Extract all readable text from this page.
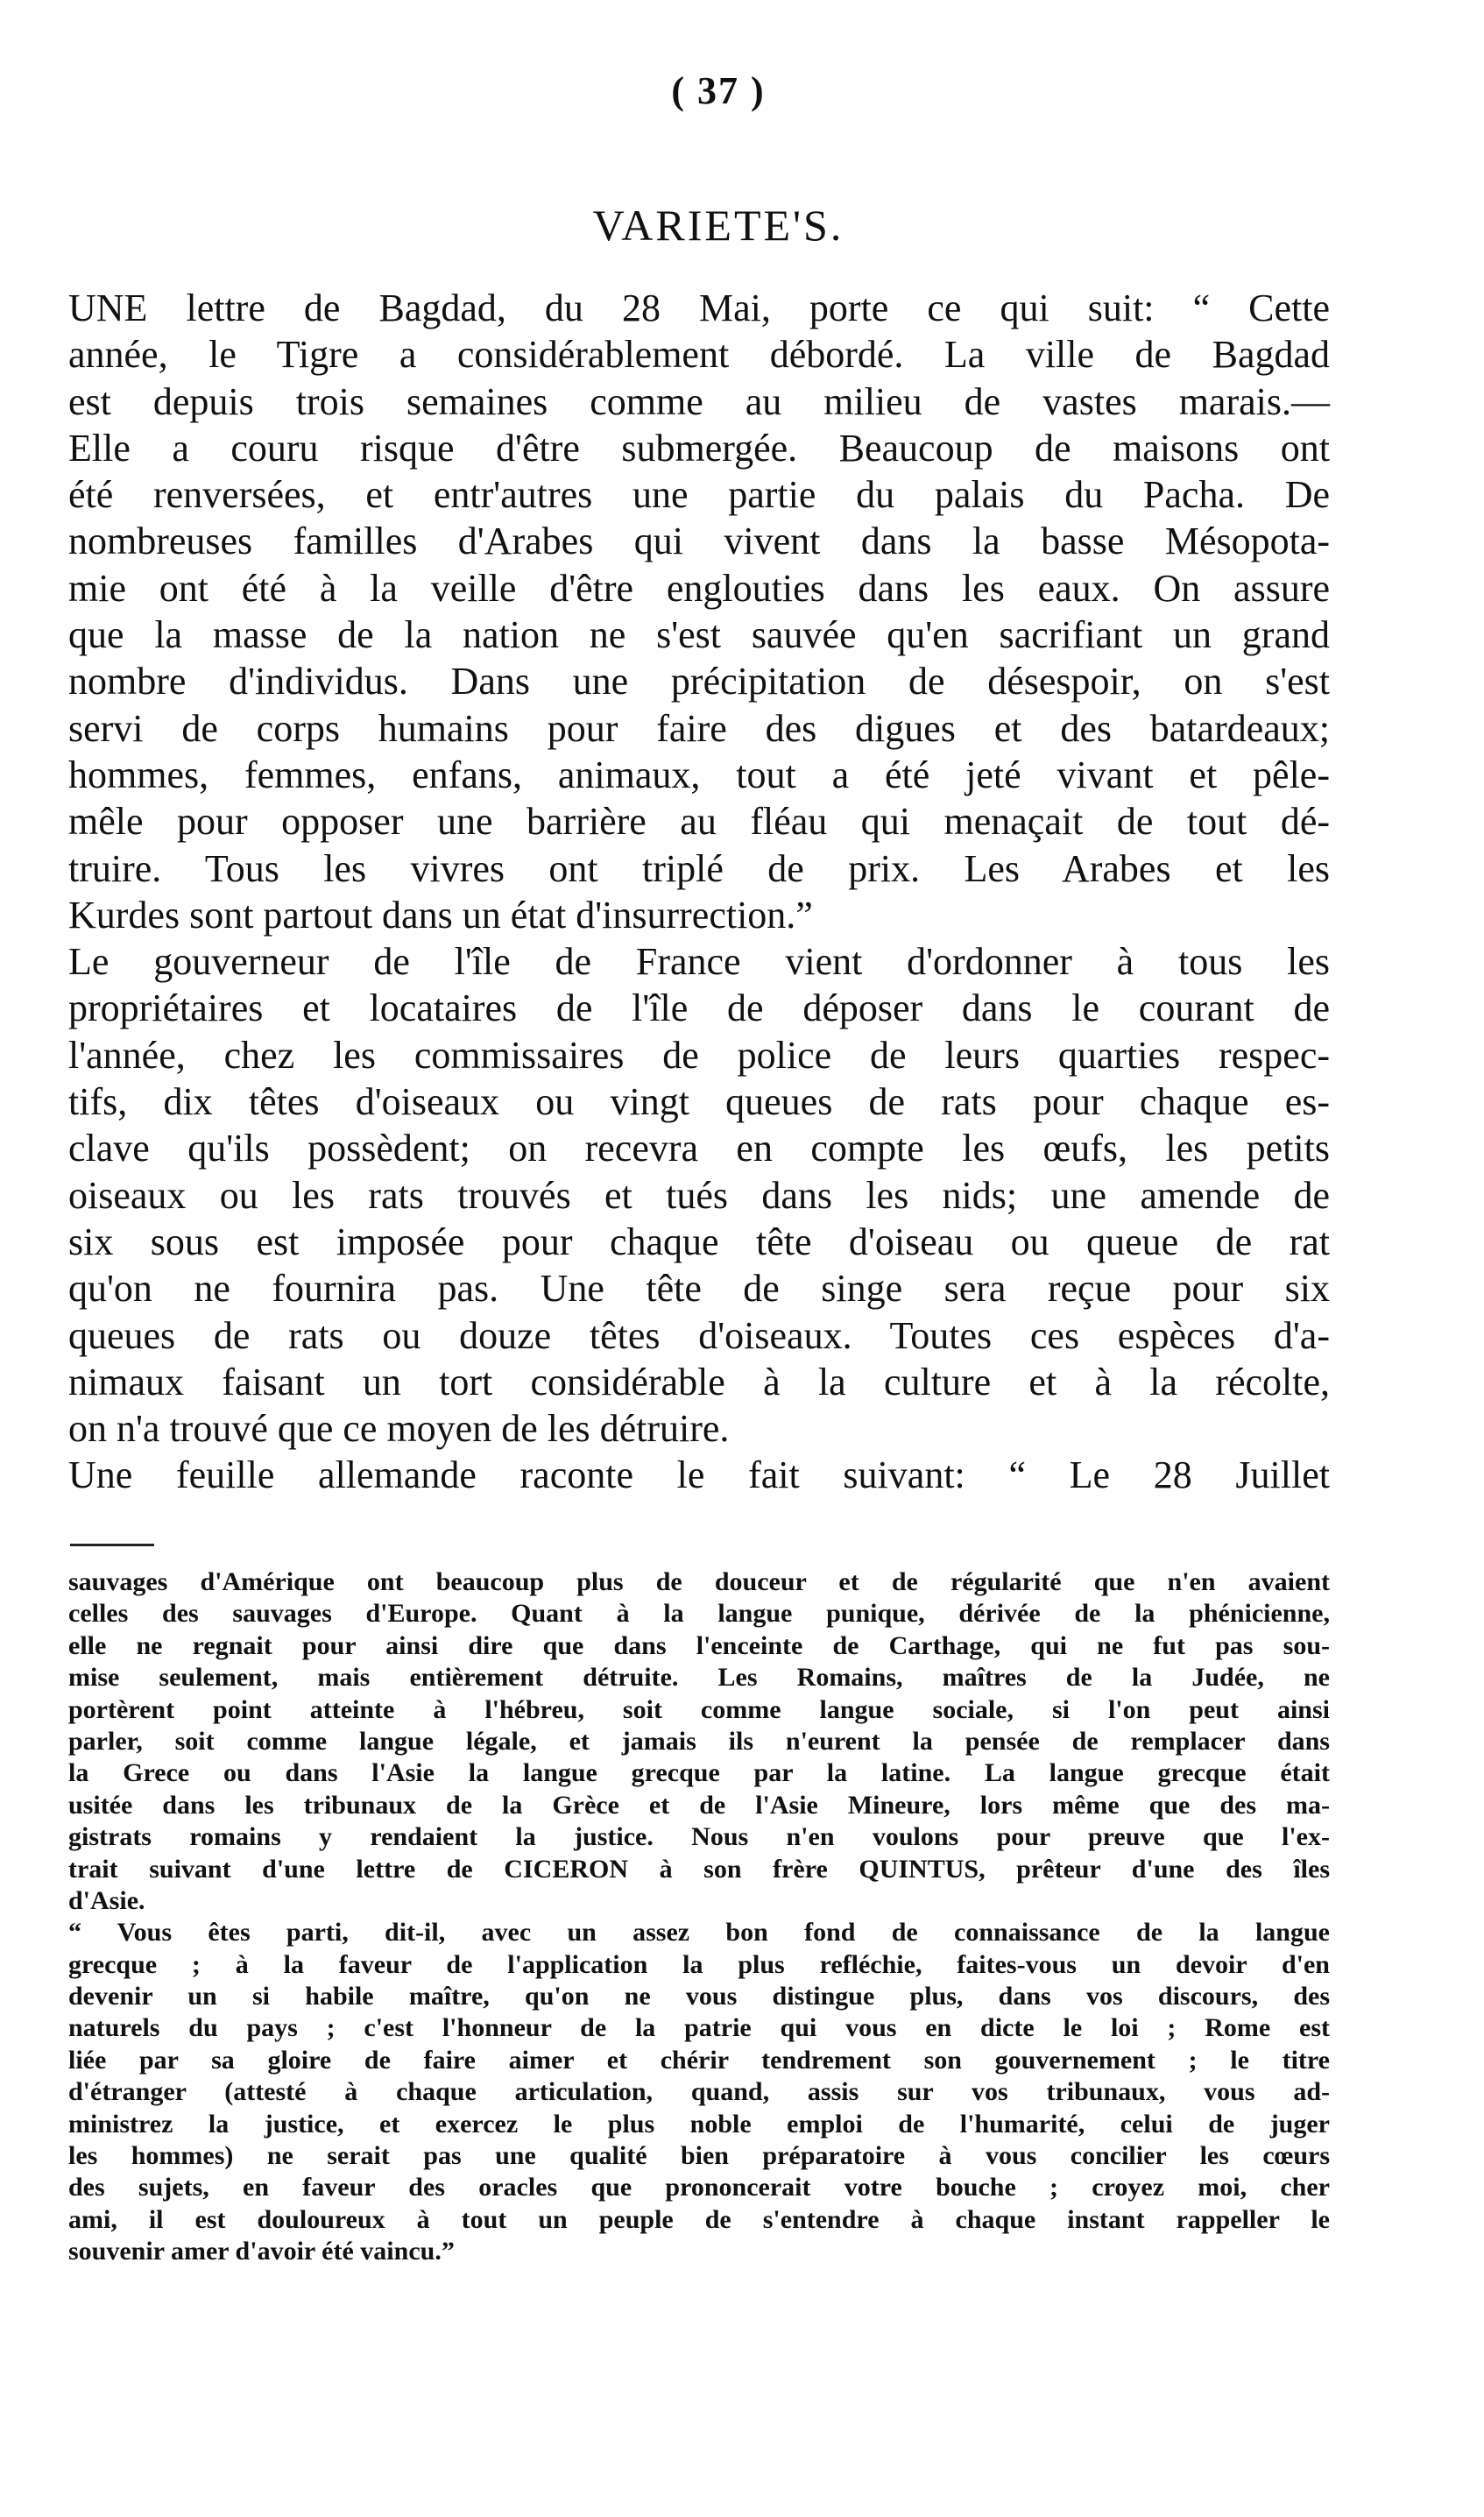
( 37 )
VARIETE'S.
UNE lettre de Bagdad, du 28 Mai, porte ce qui suit: “ Cette
année, le Tigre a considérablement débordé. La ville de Bagdad
est depuis trois semaines comme au milieu de vastes marais.—
Elle a couru risque d'être submergée. Beaucoup de maisons ont
été renversées, et entr'autres une partie du palais du Pacha. De
nombreuses familles d'Arabes qui vivent dans la basse Mésopota-
mie ont été à la veille d'être englouties dans les eaux. On assure
que la masse de la nation ne s'est sauvée qu'en sacrifiant un grand
nombre d'individus. Dans une précipitation de désespoir, on s'est
servi de corps humains pour faire des digues et des batardeaux;
hommes, femmes, enfans, animaux, tout a été jeté vivant et pêle-
mêle pour opposer une barrière au fléau qui menaçait de tout dé-
truire. Tous les vivres ont triplé de prix. Les Arabes et les
Kurdes sont partout dans un état d'insurrection.”
Le gouverneur de l'île de France vient d'ordonner à tous les
propriétaires et locataires de l'île de déposer dans le courant de
l'année, chez les commissaires de police de leurs quarties respec-
tifs, dix têtes d'oiseaux ou vingt queues de rats pour chaque es-
clave qu'ils possèdent; on recevra en compte les œufs, les petits
oiseaux ou les rats trouvés et tués dans les nids; une amende de
six sous est imposée pour chaque tête d'oiseau ou queue de rat
qu'on ne fournira pas. Une tête de singe sera reçue pour six
queues de rats ou douze têtes d'oiseaux. Toutes ces espèces d'a-
nimaux faisant un tort considérable à la culture et à la récolte,
on n'a trouvé que ce moyen de les détruire.
Une feuille allemande raconte le fait suivant: “ Le 28 Juillet
sauvages d'Amérique ont beaucoup plus de douceur et de régularité que n'en avaient
celles des sauvages d'Europe. Quant à la langue punique, dérivée de la phénicienne,
elle ne regnait pour ainsi dire que dans l'enceinte de Carthage, qui ne fut pas sou-
mise seulement, mais entièrement détruite. Les Romains, maîtres de la Judée, ne
portèrent point atteinte à l'hébreu, soit comme langue sociale, si l'on peut ainsi
parler, soit comme langue légale, et jamais ils n'eurent la pensée de remplacer dans
la Grece ou dans l'Asie la langue grecque par la latine. La langue grecque était
usitée dans les tribunaux de la Grèce et de l'Asie Mineure, lors même que des ma-
gistrats romains y rendaient la justice. Nous n'en voulons pour preuve que l'ex-
trait suivant d'une lettre de CICERON à son frère QUINTUS, prêteur d'une des îles
d'Asie.
“ Vous êtes parti, dit-il, avec un assez bon fond de connaissance de la langue
grecque ; à la faveur de l'application la plus refléchie, faites-vous un devoir d'en
devenir un si habile maître, qu'on ne vous distingue plus, dans vos discours, des
naturels du pays ; c'est l'honneur de la patrie qui vous en dicte le loi ; Rome est
liée par sa gloire de faire aimer et chérir tendrement son gouvernement ; le titre
d'étranger (attesté à chaque articulation, quand, assis sur vos tribunaux, vous ad-
ministrez la justice, et exercez le plus noble emploi de l'humarité, celui de juger
les hommes) ne serait pas une qualité bien préparatoire à vous concilier les cœurs
des sujets, en faveur des oracles que prononcerait votre bouche ; croyez moi, cher
ami, il est douloureux à tout un peuple de s'entendre à chaque instant rappeller le
souvenir amer d'avoir été vaincu.”
